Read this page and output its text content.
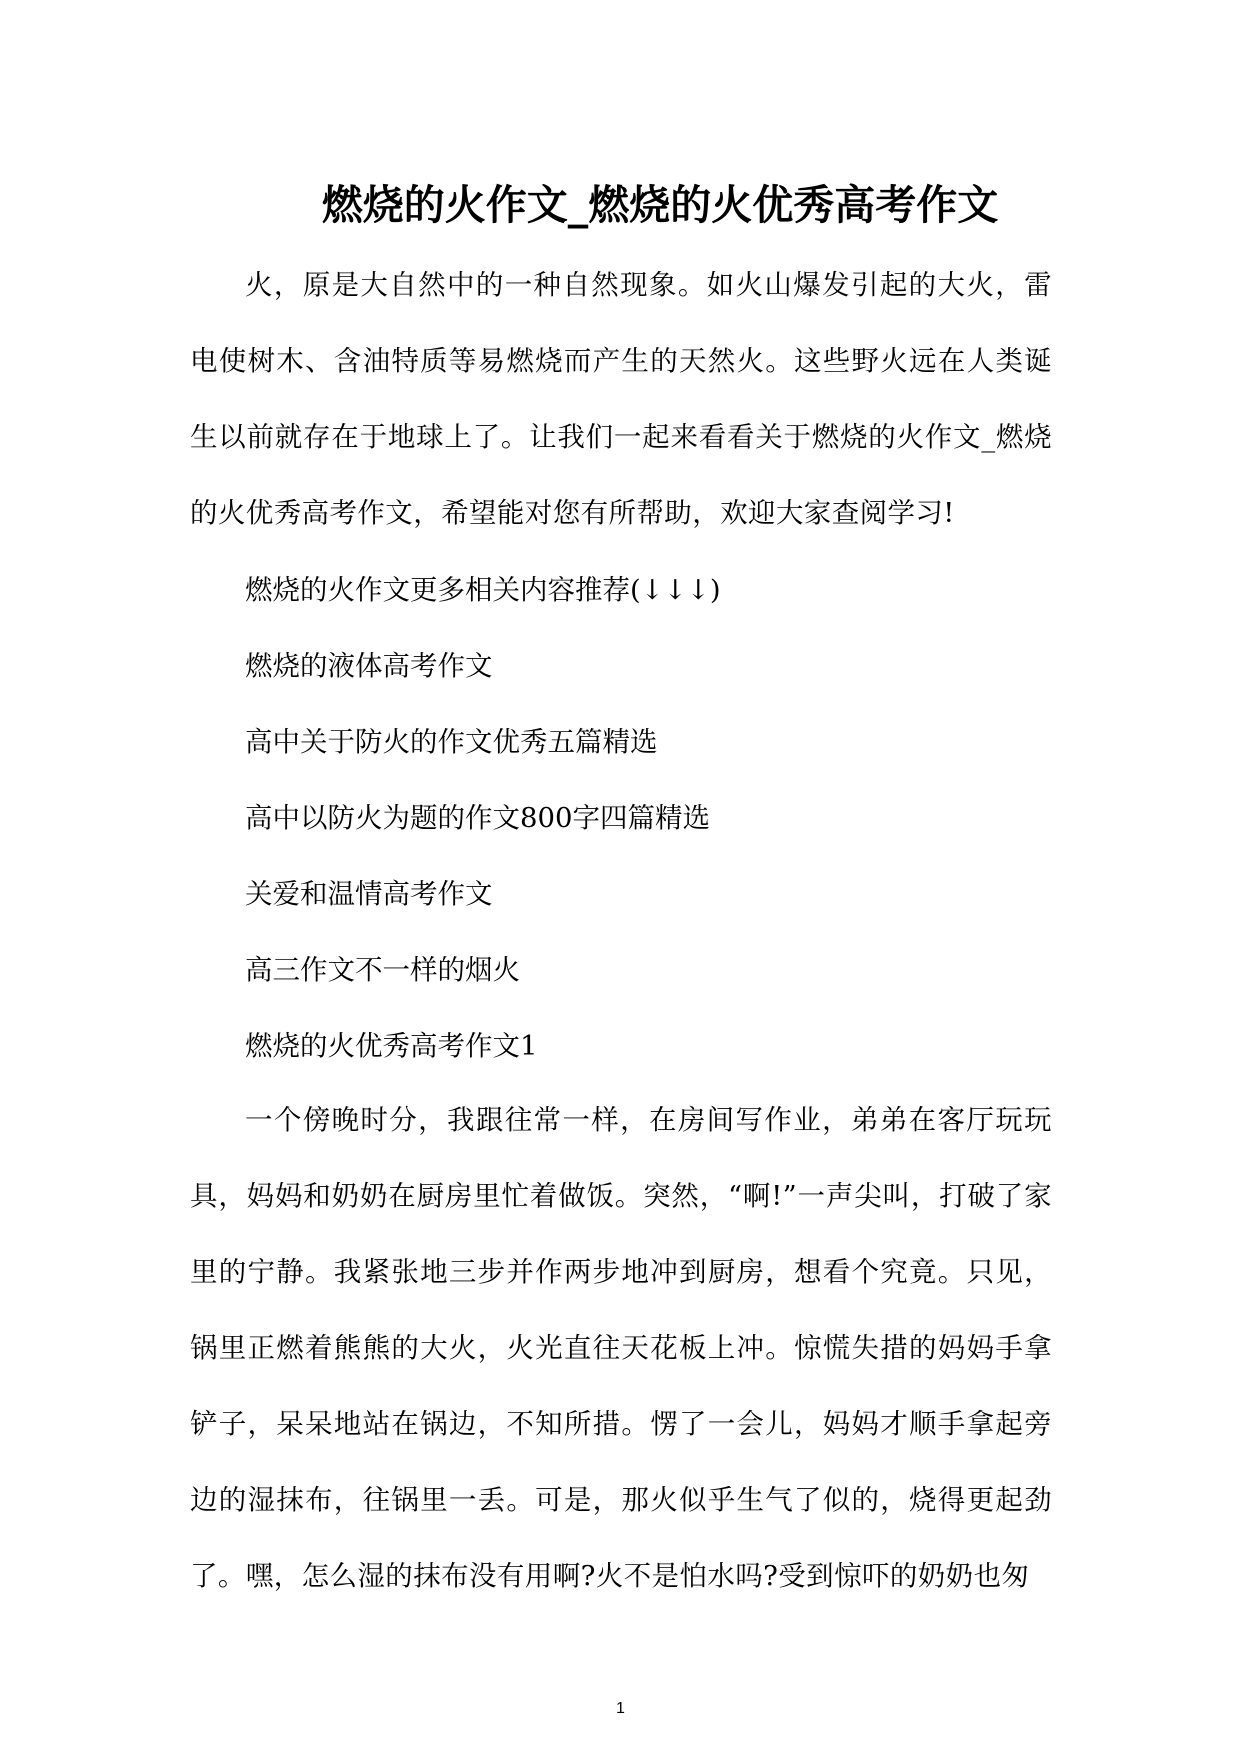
燃烧的火作文_燃烧的火优秀高考作文

火，原是大自然中的一种自然现象。如火山爆发引起的大火，雷电使树木、含油特质等易燃烧而产生的天然火。这些野火远在人类诞生以前就存在于地球上了。让我们一起来看看关于燃烧的火作文_燃烧的火优秀高考作文，希望能对您有所帮助，欢迎大家查阅学习!

燃烧的火作文更多相关内容推荐(↓↓↓)

燃烧的液体高考作文

高中关于防火的作文优秀五篇精选

高中以防火为题的作文800字四篇精选

关爱和温情高考作文

高三作文不一样的烟火

燃烧的火优秀高考作文1

一个傍晚时分，我跟往常一样，在房间写作业，弟弟在客厅玩玩具，妈妈和奶奶在厨房里忙着做饭。突然，“啊!”一声尖叫，打破了家里的宁静。我紧张地三步并作两步地冲到厨房，想看个究竟。只见，锅里正燃着熊熊的大火，火光直往天花板上冲。惊慌失措的妈妈手拿铲子，呆呆地站在锅边，不知所措。愣了一会儿，妈妈才顺手拿起旁边的湿抹布，往锅里一丢。可是，那火似乎生气了似的，烧得更起劲了。嘿，怎么湿的抹布没有用啊?火不是怕水吗?受到惊吓的奶奶也匆

1
